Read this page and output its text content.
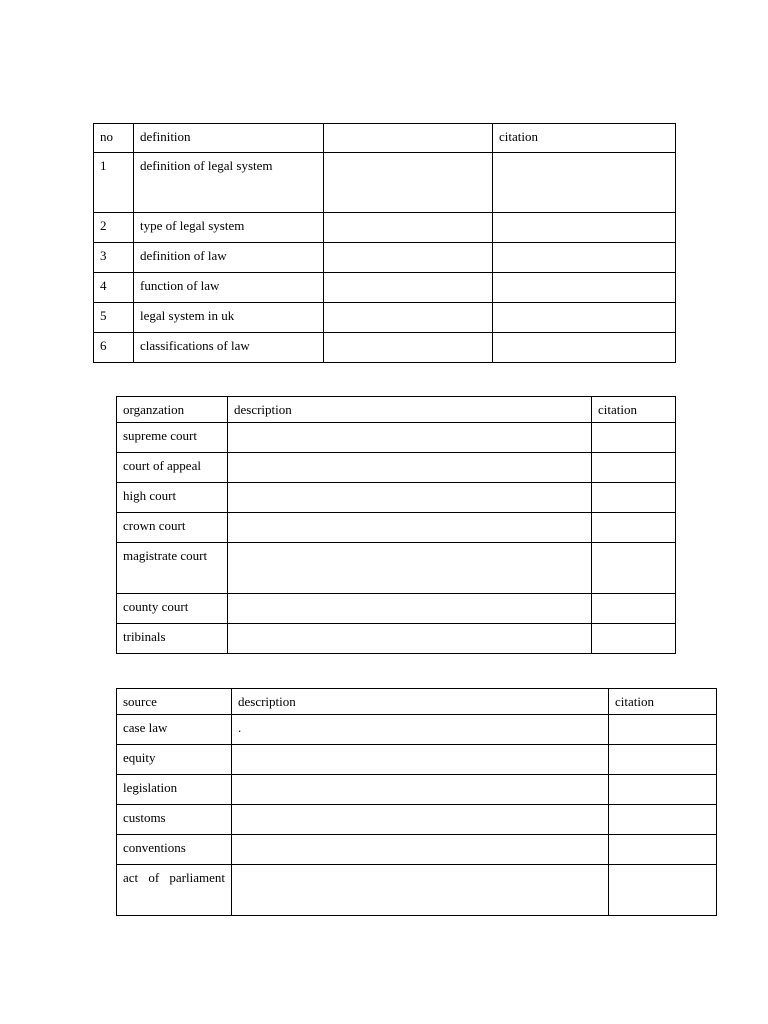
no	definition		citation
1	definition of legal system		
2	type of legal system		
3	definition of law		
4	function of law		
5	legal system in uk		
6	classifications of law		
organzation	description	citation
supreme court		
court of appeal		
high court		
crown court		
magistrate court		
county court		
tribinals		
source	description	citation
case law	.	
equity		
legislation		
customs		
conventions		
act of parliament		
